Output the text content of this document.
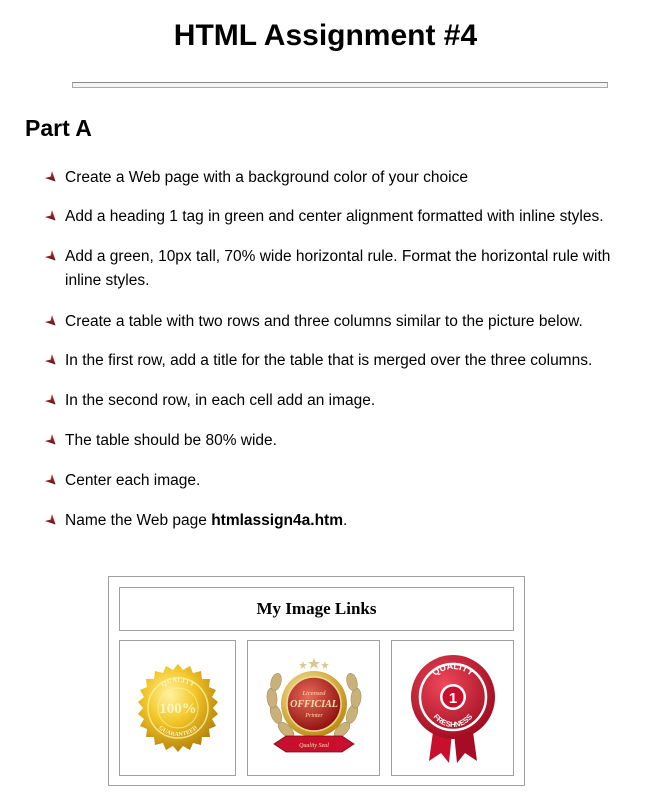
HTML Assignment #4
Part A
Create a Web page with a background color of your choice
Add a heading 1 tag in green and center alignment formatted with inline styles.
Add a green, 10px tall, 70% wide horizontal rule. Format the horizontal rule with inline styles.
Create a table with two rows and three columns similar to the picture below.
In the first row, add a title for the table that is merged over the three columns.
In the second row, in each cell add an image.
The table should be 80% wide.
Center each image.
Name the Web page htmlassign4a.htm.
My Image Links
QUALITY
100%
GUARANTEED
Licensed
OFFICIAL
Printer
Quality Seal
1
QUALITY
FRESHNESS
